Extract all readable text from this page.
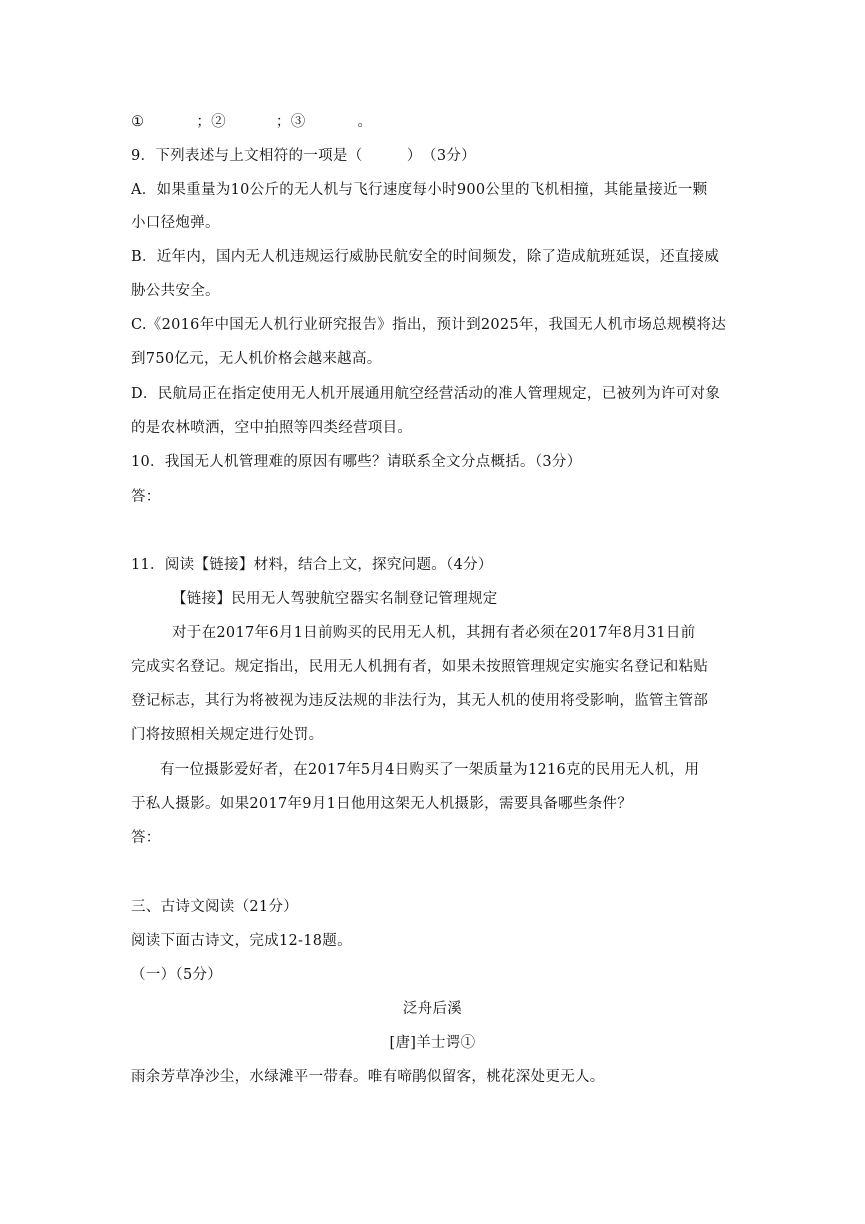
①	；②	；③	。
9．下列表述与上文相符的一项是（　　　）　（3分）
A．如果重量为10公斤的无人机与飞行速度每小时900公里的飞机相撞，其能量接近一颗
小口径炮弹。
B．近年内，国内无人机违规运行威胁民航安全的时间频发，除了造成航班延误，还直接威
胁公共安全。
C.《2016年中国无人机行业研究报告》指出，预计到2025年，我国无人机市场总规模将达
到750亿元，无人机价格会越来越高。
D．民航局正在指定使用无人机开展通用航空经营活动的准人管理规定，已被列为许可对象
的是农林喷洒，空中拍照等四类经营项目。
10．我国无人机管理难的原因有哪些？请联系全文分点概括。（3分）
答：
11．阅读【链接】材料，结合上文，探究问题。（4分）
【链接】民用无人驾驶航空器实名制登记管理规定
对于在2017年6月1日前购买的民用无人机，其拥有者必须在2017年8月31日前
完成实名登记。规定指出，民用无人机拥有者，如果未按照管理规定实施实名登记和粘贴
登记标志，其行为将被视为违反法规的非法行为，其无人机的使用将受影响，监管主管部
门将按照相关规定进行处罚。
有一位摄影爱好者，在2017年5月4日购买了一架质量为1216克的民用无人机，用
于私人摄影。如果2017年9月1日他用这架无人机摄影，需要具备哪些条件？
答：
三、古诗文阅读（21分）
阅读下面古诗文，完成12-18题。
（一）（5分）
泛舟后溪
[唐]羊士谔①
雨余芳草净沙尘，水绿滩平一带春。唯有啼鹃似留客，桃花深处更无人。
